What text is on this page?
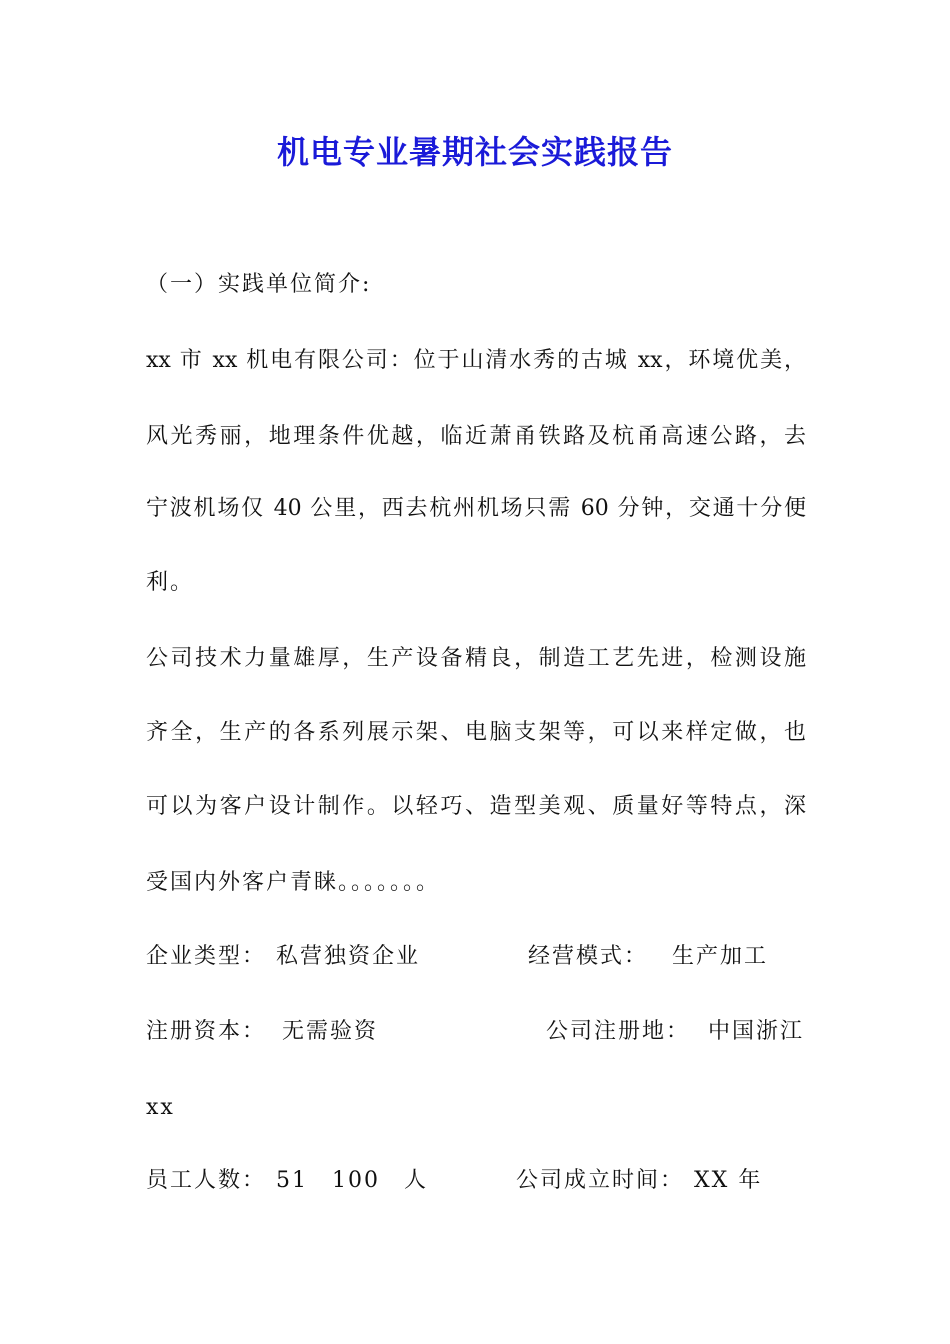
机电专业暑期社会实践报告
（一）实践单位简介:
xx 市 xx 机电有限公司：位于山清水秀的古城 xx，环境优美，
风光秀丽，地理条件优越，临近萧甬铁路及杭甬高速公路，去
宁波机场仅 40 公里，西去杭州机场只需 60 分钟，交通十分便
利。
公司技术力量雄厚，生产设备精良，制造工艺先进，检测设施
齐全，生产的各系列展示架、电脑支架等，可以来样定做，也
可以为客户设计制作。以轻巧、造型美观、质量好等特点，深
受国内外客户青睐。。。。。。。
企业类型： 私营独资企业	经营模式： 生产加工
注册资本： 无需验资	公司注册地： 中国浙江
xx
员工人数： 51　100　人	公司成立时间： XX 年
